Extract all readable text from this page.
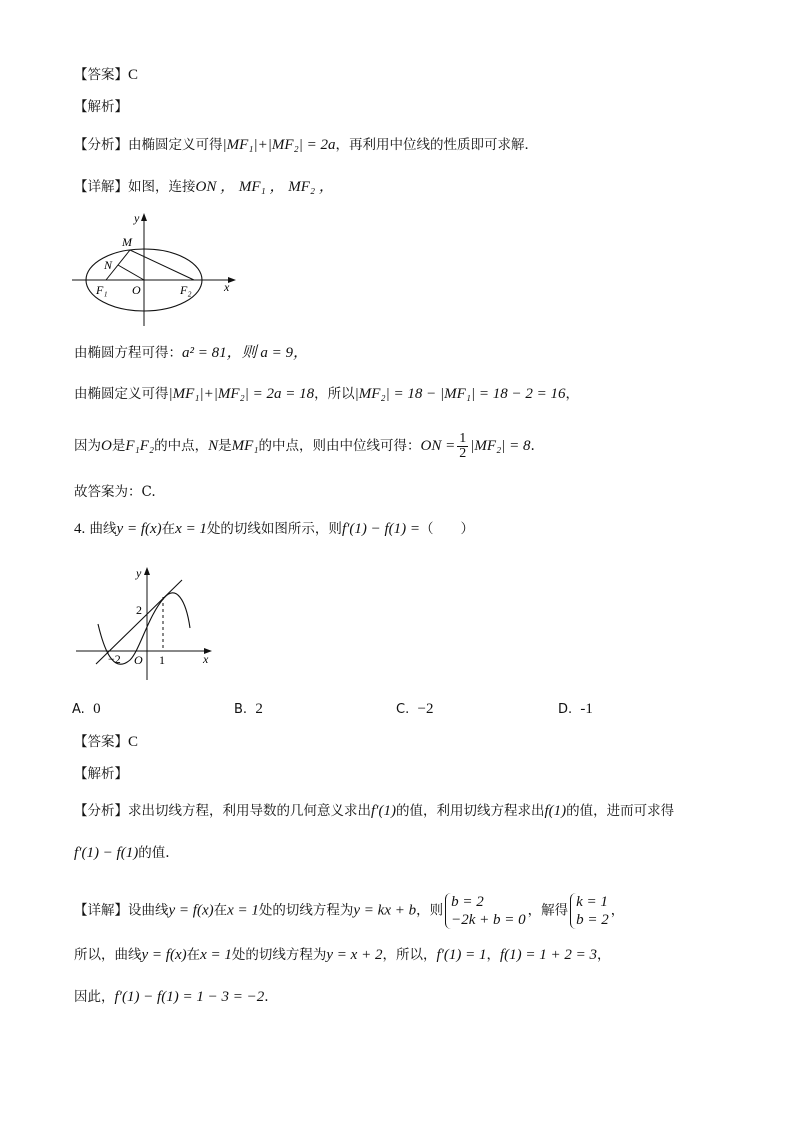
【答案】C
【解析】
【分析】由椭圆定义可得|MF₁|+|MF₂| = 2a，再利用中位线的性质即可求解．
【详解】如图，连接ON ， MF₁ ， MF₂ ，
y
x
M
N
F₁ O	F₂
由椭圆方程可得：a² = 81，则 a = 9，
由椭圆定义可得|MF₁|+|MF₂| = 2a = 18，所以|MF₂| = 18 − |MF₁| = 18 − 2 = 16，
因为O是F₁F₂的中点，N是MF₁的中点，则由中位线可得：ON = $\frac{1}{2} |MF_2| = 8$.
故答案为：C.
4. 曲线y = f(x)在x = 1处的切线如图所示，则f′(1) − f(1) =（　　）
y
x
2
−2 O 1
A. 0	B. 2	C. −2	D. -1
【答案】C
【解析】
【分析】求出切线方程，利用导数的几何意义求出f′(1)的值，利用切线方程求出f(1)的值，进而可求得
f′(1) − f(1)的值.
【详解】设曲线y = f(x)在x = 1处的切线方程为y = kx + b，则
b = 2
−2k + b = 0
，解得
k = 1
b = 2
，
所以，曲线y = f(x)在x = 1处的切线方程为y = x + 2，所以，f′(1) = 1，f(1) = 1 + 2 = 3，
因此，f′(1) − f(1) = 1 − 3 = −2.
